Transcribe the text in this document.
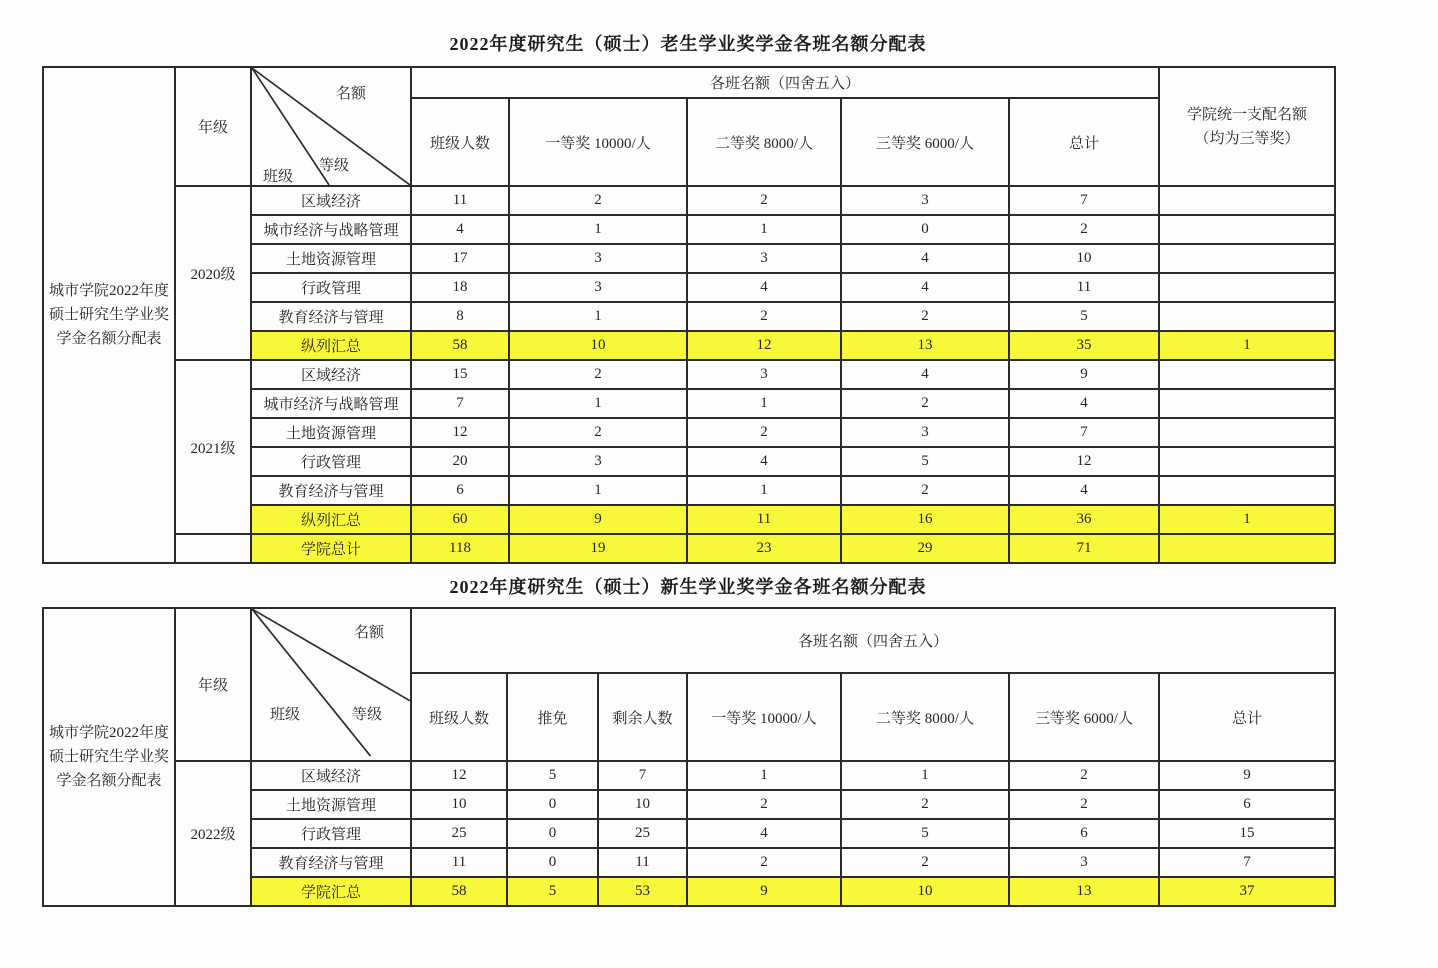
2022年度研究生（硕士）老生学业奖学金各班名额分配表
城市学院2022年度硕士研究生学业奖学金名额分配表	年级	
名额
等级
班级
	各班名额（四舍五入）	
学院统一支配名额
（均为三等奖）

			班级人数	一等奖 10000/人	二等奖 8000/人	三等奖 6000/人	总计	
	2020级	区域经济	11	2	2	3	7	
		城市经济与战略管理	4	1	1	0	2	
		土地资源管理	17	3	3	4	10	
		行政管理	18	3	4	4	11	
		教育经济与管理	8	1	2	2	5	
		纵列汇总	58	10	12	13	35	1
	2021级	区域经济	15	2	3	4	9	
		城市经济与战略管理	7	1	1	2	4	
		土地资源管理	12	2	2	3	7	
		行政管理	20	3	4	5	12	
		教育经济与管理	6	1	1	2	4	
		纵列汇总	60	9	11	16	36	1
		学院总计	118	19	23	29	71	
2022年度研究生（硕士）新生学业奖学金各班名额分配表
城市学院2022年度硕士研究生学业奖学金名额分配表	年级	名额
班级 等级	各班名额（四舍五入）						
			班级人数	推免	剩余人数	一等奖 10000/人	二等奖 8000/人	三等奖 6000/人	总计
	2022级	区域经济	12	5	7	1	1	2	9
		土地资源管理	10	0	10	2	2	2	6
		行政管理	25	0	25	4	5	6	15
		教育经济与管理	11	0	11	2	2	3	7
		学院汇总	58	5	53	9	10	13	37
